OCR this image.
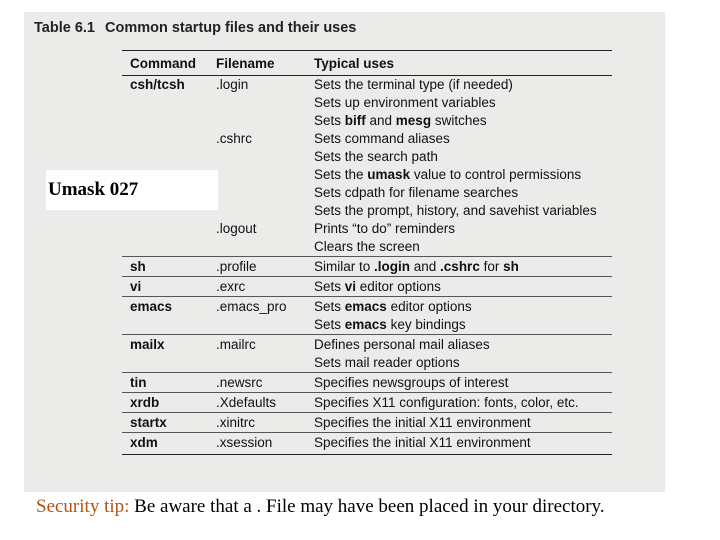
Table 6.1 Common startup files and their uses
Command	Filename	Typical uses
csh/tcsh	.login	Sets the terminal type (if needed)
		Sets up environment variables
		Sets biff and mesg switches
	.cshrc	Sets command aliases
		Sets the search path
		Sets the umask value to control permissions
		Sets cdpath for filename searches
		Sets the prompt, history, and savehist variables
	.logout	Prints “to do” reminders
		Clears the screen
sh	.profile	Similar to .login and .cshrc for sh
vi	.exrc	Sets vi editor options
emacs	.emacs_pro	Sets emacs editor options
		Sets emacs key bindings
mailx	.mailrc	Defines personal mail aliases
		Sets mail reader options
tin	.newsrc	Specifies newsgroups of interest
xrdb	.Xdefaults	Specifies X11 configuration: fonts, color, etc.
startx	.xinitrc	Specifies the initial X11 environment
xdm	.xsession	Specifies the initial X11 environment
Umask 027
Security tip: Be aware that a . File may have been placed in your directory.
